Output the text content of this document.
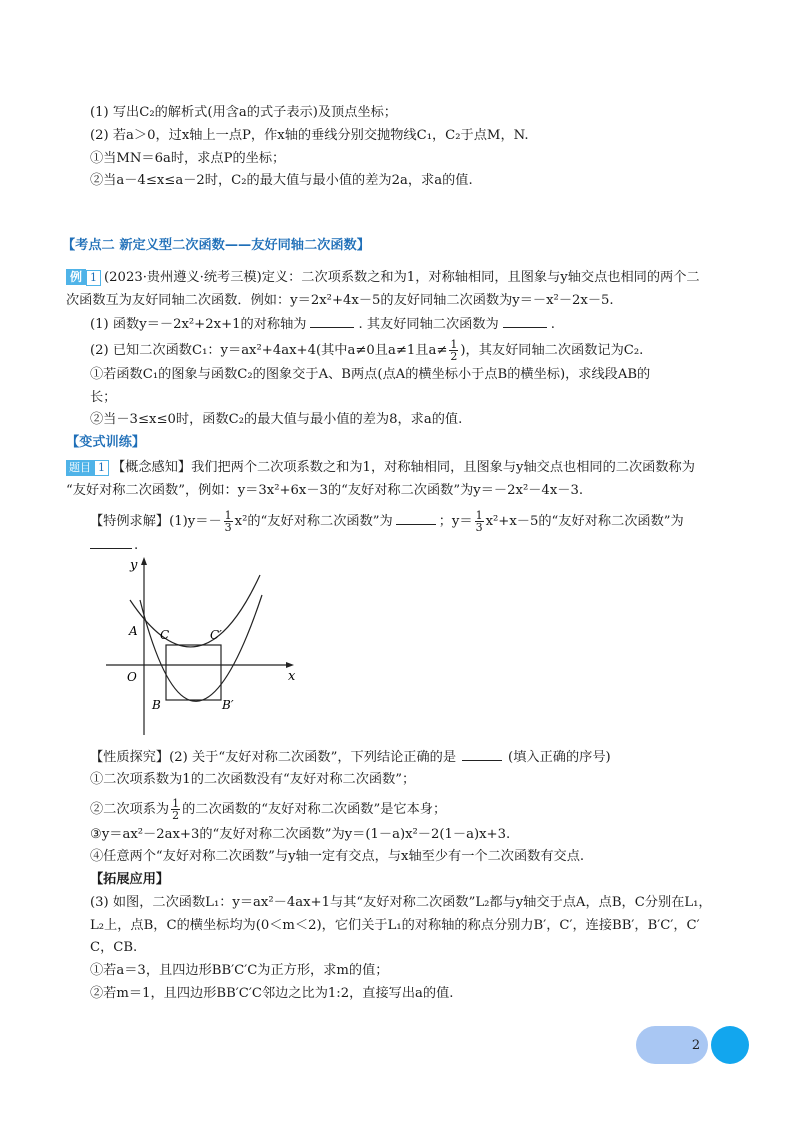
(1) 写出C₂的解析式(用含a的式子表示)及顶点坐标；
(2) 若a＞0，过x轴上一点P，作x轴的垂线分别交抛物线C₁，C₂于点M，N.
①当MN＝6a时，求点P的坐标；
②当a－4≤x≤a－2时，C₂的最大值与最小值的差为2a，求a的值.
【考点二 新定义型二次函数——友好同轴二次函数】
例 1 (2023·贵州遵义·统考三模)定义：二次项系数之和为1，对称轴相同，且图象与y轴交点也相同的两个二
次函数互为友好同轴二次函数．例如：y＝2x²+4x－5的友好同轴二次函数为y＝－x²－2x－5.
(1) 函数y＝－2x²+2x+1的对称轴为	. 其友好同轴二次函数为	.
(2) 已知二次函数C₁：y＝ax²+4ax+4(其中a≠0且a≠1且$a\ne \frac{1}{2}$ )，其友好同轴二次函数记为C₂.
①若函数C₁的图象与函数C₂的图象交于A、B两点(点A的横坐标小于点B的横坐标)，求线段AB的
长；
②当－3≤x≤0时，函数C₂的最大值与最小值的差为8，求a的值.
【变式训练】
题目 1 【概念感知】我们把两个二次项系数之和为1，对称轴相同，且图象与y轴交点也相同的二次函数称为
“友好对称二次函数”，例如：y＝3x²+6x－3的“友好对称二次函数”为y＝－2x²－4x－3.
【特例求解】$(1)y=- \frac{1}{3} x^2$的“友好对称二次函数”为	；$y= \frac{1}{3} x^2+x-5$的“友好对称二次函数”为
.
y
x
O
A C	C′
B	B′
【性质探究】(2) 关于“友好对称二次函数”，下列结论正确的是	(填入正确的序号)
①二次项系数为1的二次函数没有“友好对称二次函数”；
②二次项系为 $\frac{1}{2}$ 的二次函数的“友好对称二次函数”是它本身；
③y＝ax²－2ax+3的“友好对称二次函数”为y＝(1－a)x²－2(1－a)x+3.
④任意两个“友好对称二次函数”与y轴一定有交点，与x轴至少有一个二次函数有交点.
【拓展应用】
(3) 如图，二次函数L₁：y＝ax²－4ax+1与其“友好对称二次函数”L₂都与y轴交于点A，点B，C分别在L₁，
L₂上，点B，C的横坐标均为(0＜m＜2)，它们关于L₁的对称轴的称点分别力B′，C′，连接BB′，B′C′，C′
C，CB.
①若a＝3，且四边形BB′C′C为正方形，求m的值；
②若m＝1，且四边形BB′C′C邻边之比为1:2，直接写出a的值.
2
